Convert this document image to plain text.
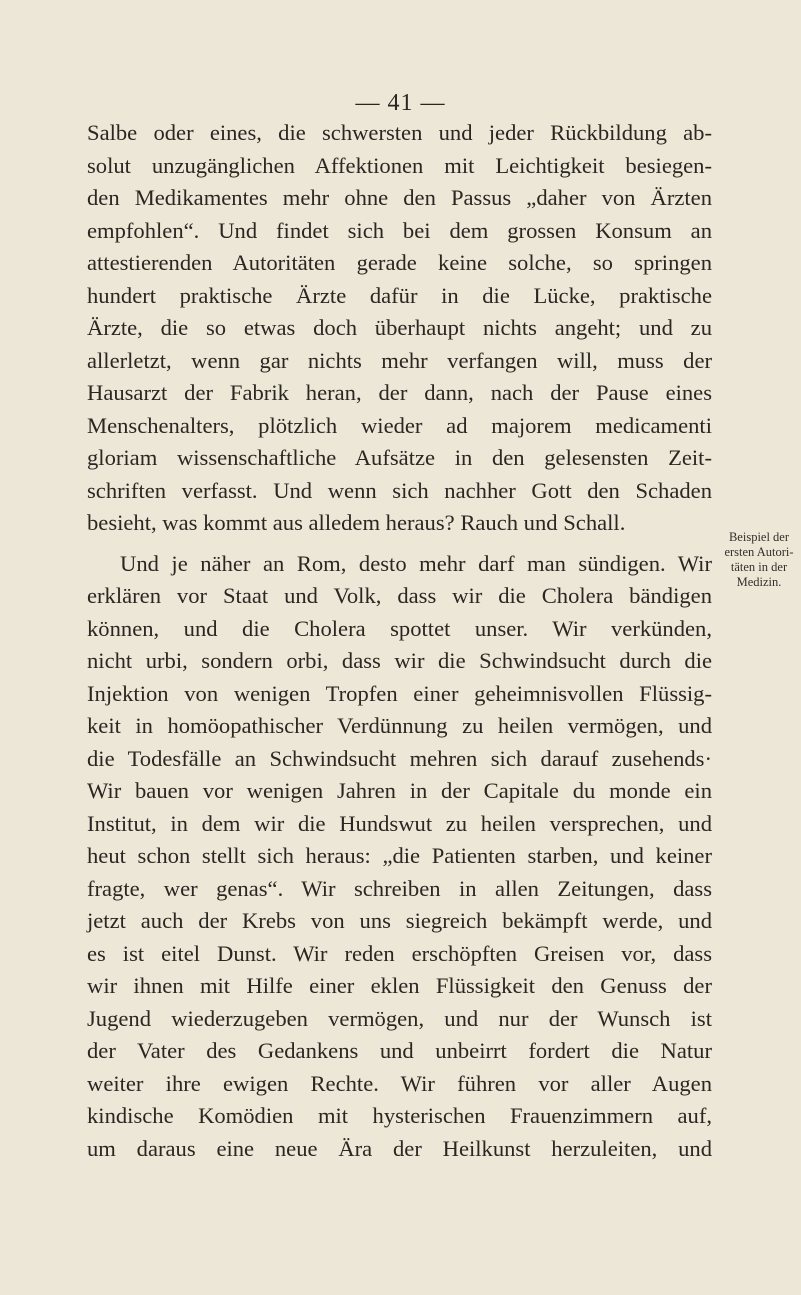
— 41 —
Salbe oder eines, die schwersten und jeder Rückbildung ab-
solut unzugänglichen Affektionen mit Leichtigkeit besiegen-
den Medikamentes mehr ohne den Passus „daher von Ärzten
empfohlen“. Und findet sich bei dem grossen Konsum an
attestierenden Autoritäten gerade keine solche, so springen
hundert praktische Ärzte dafür in die Lücke, praktische
Ärzte, die so etwas doch überhaupt nichts angeht; und zu
allerletzt, wenn gar nichts mehr verfangen will, muss der
Hausarzt der Fabrik heran, der dann, nach der Pause eines
Menschenalters, plötzlich wieder ad majorem medicamenti
gloriam wissenschaftliche Aufsätze in den gelesensten Zeit-
schriften verfasst. Und wenn sich nachher Gott den Schaden
besieht, was kommt aus alledem heraus? Rauch und Schall.
Und je näher an Rom, desto mehr darf man sündigen. Wir
erklären vor Staat und Volk, dass wir die Cholera bändigen
können, und die Cholera spottet unser. Wir verkünden,
nicht urbi, sondern orbi, dass wir die Schwindsucht durch die
Injektion von wenigen Tropfen einer geheimnisvollen Flüssig-
keit in homöopathischer Verdünnung zu heilen vermögen, und
die Todesfälle an Schwindsucht mehren sich darauf zusehends·
Wir bauen vor wenigen Jahren in der Capitale du monde ein
Institut, in dem wir die Hundswut zu heilen versprechen, und
heut schon stellt sich heraus: „die Patienten starben, und keiner
fragte, wer genas“. Wir schreiben in allen Zeitungen, dass
jetzt auch der Krebs von uns siegreich bekämpft werde, und
es ist eitel Dunst. Wir reden erschöpften Greisen vor, dass
wir ihnen mit Hilfe einer eklen Flüssigkeit den Genuss der
Jugend wiederzugeben vermögen, und nur der Wunsch ist
der Vater des Gedankens und unbeirrt fordert die Natur
weiter ihre ewigen Rechte. Wir führen vor aller Augen
kindische Komödien mit hysterischen Frauenzimmern auf,
um daraus eine neue Ära der Heilkunst herzuleiten, und
Beispiel der
ersten Autori-
täten in der
Medizin.
